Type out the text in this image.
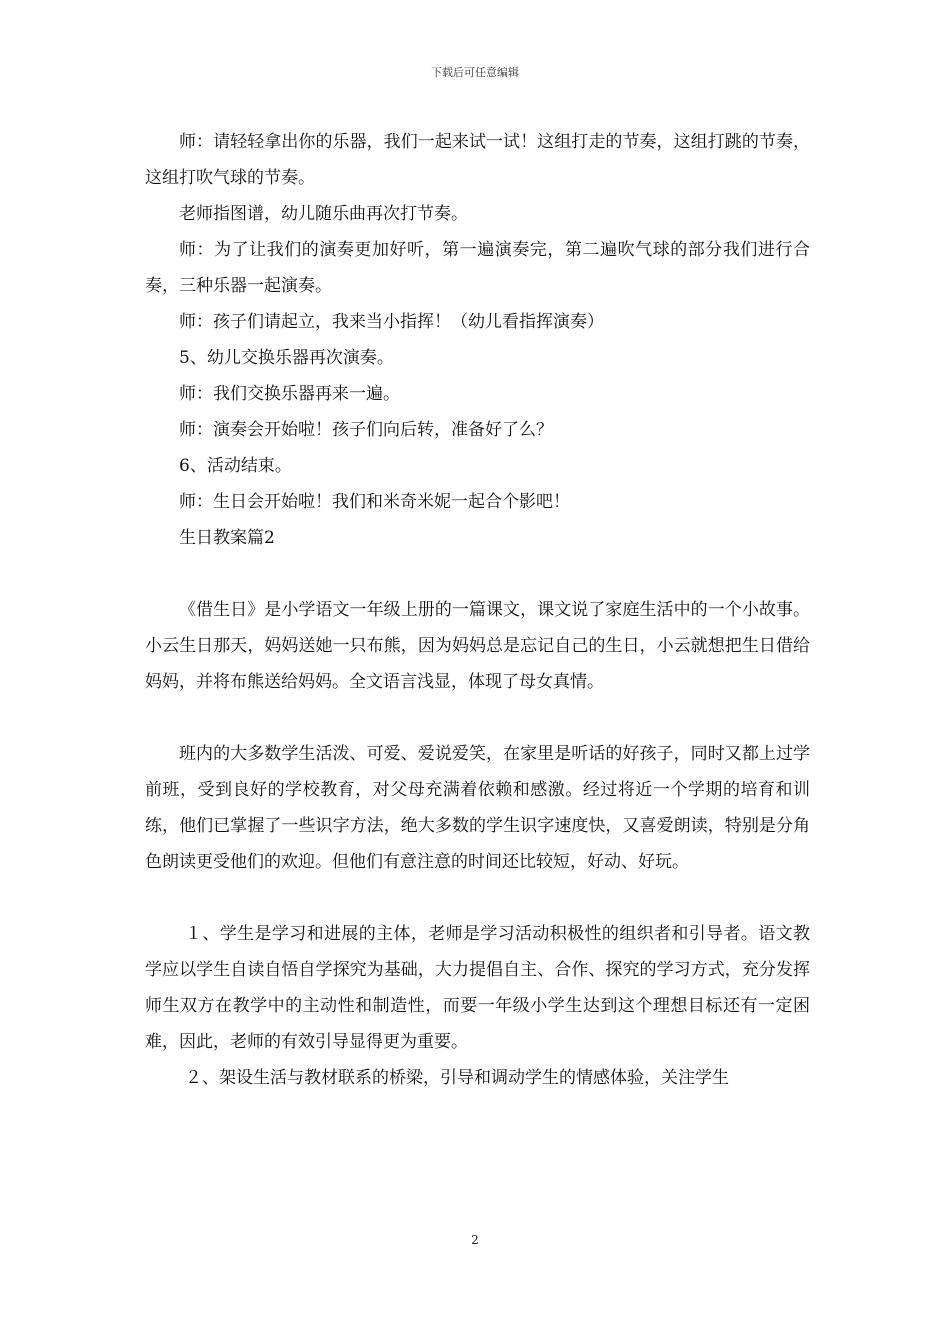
下载后可任意编辑

师：请轻轻拿出你的乐器，我们一起来试一试！这组打走的节奏，这组打跳的节奏，这组打吹气球的节奏。

老师指图谱，幼儿随乐曲再次打节奏。

师：为了让我们的演奏更加好听，第一遍演奏完，第二遍吹气球的部分我们进行合奏，三种乐器一起演奏。

师：孩子们请起立，我来当小指挥！（幼儿看指挥演奏）

5、幼儿交换乐器再次演奏。

师：我们交换乐器再来一遍。

师：演奏会开始啦！孩子们向后转，准备好了么？

6、活动结束。

师：生日会开始啦！我们和米奇米妮一起合个影吧！

生日教案篇2

《借生日》是小学语文一年级上册的一篇课文，课文说了家庭生活中的一个小故事。小云生日那天，妈妈送她一只布熊，因为妈妈总是忘记自己的生日，小云就想把生日借给妈妈，并将布熊送给妈妈。全文语言浅显，体现了母女真情。

班内的大多数学生活泼、可爱、爱说爱笑，在家里是听话的好孩子，同时又都上过学前班，受到良好的学校教育，对父母充满着依赖和感激。经过将近一个学期的培育和训练，他们已掌握了一些识字方法，绝大多数的学生识字速度快，又喜爱朗读，特别是分角色朗读更受他们的欢迎。但他们有意注意的时间还比较短，好动、好玩。

１、学生是学习和进展的主体，老师是学习活动积极性的组织者和引导者。语文教学应以学生自读自悟自学探究为基础，大力提倡自主、合作、探究的学习方式，充分发挥师生双方在教学中的主动性和制造性，而要一年级小学生达到这个理想目标还有一定困难，因此，老师的有效引导显得更为重要。

２、架设生活与教材联系的桥梁，引导和调动学生的情感体验，关注学生

2
